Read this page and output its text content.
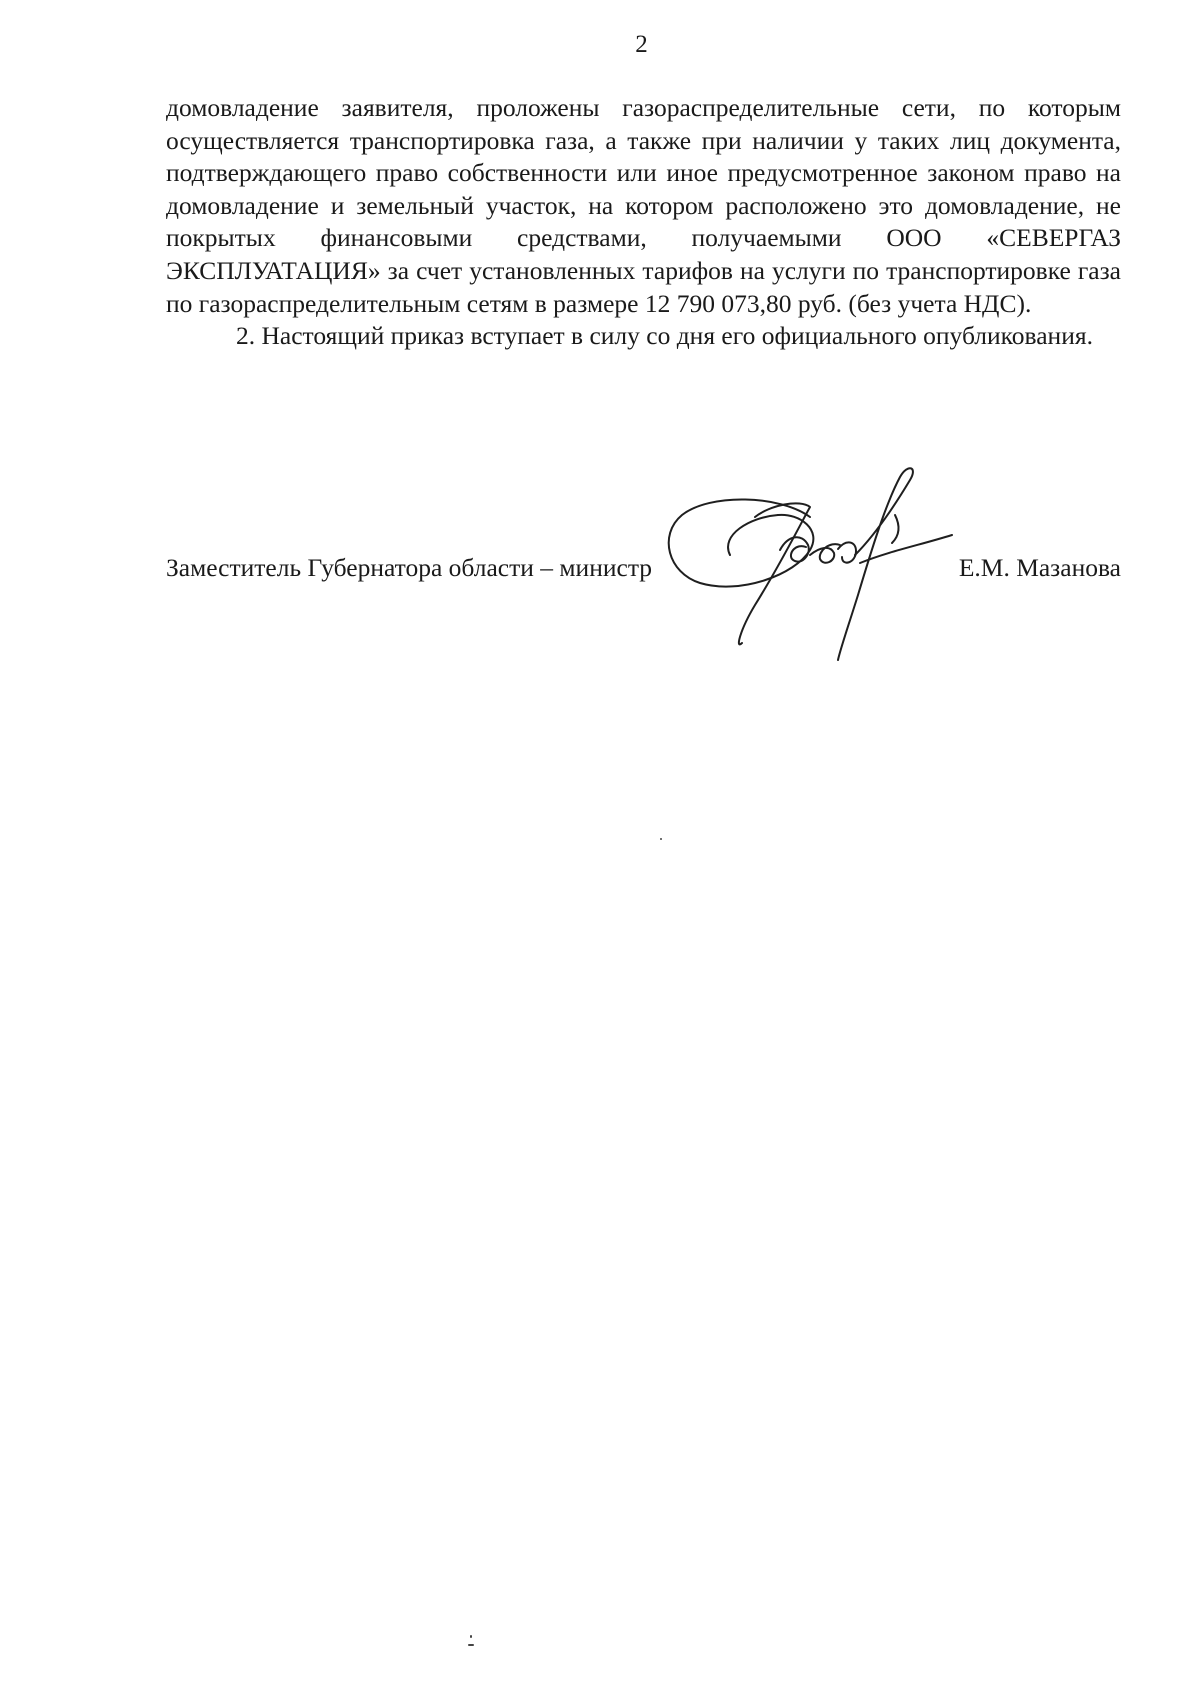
2

домовладение заявителя, проложены газораспределительные сети, по которым осуществляется транспортировка газа, а также при наличии у таких лиц документа, подтверждающего право собственности или иное предусмотренное законом право на домовладение и земельный участок, на котором расположено это домовладение, не покрытых финансовыми средствами, получаемыми ООО «СЕВЕРГАЗ ЭКСПЛУАТАЦИЯ» за счет установленных тарифов на услуги по транспортировке газа по газораспределительным сетям в размере 12 790 073,80 руб. (без учета НДС).

2. Настоящий приказ вступает в силу со дня его официального опубликования.

Заместитель Губернатора области – министр	Е.М. Мазанова
